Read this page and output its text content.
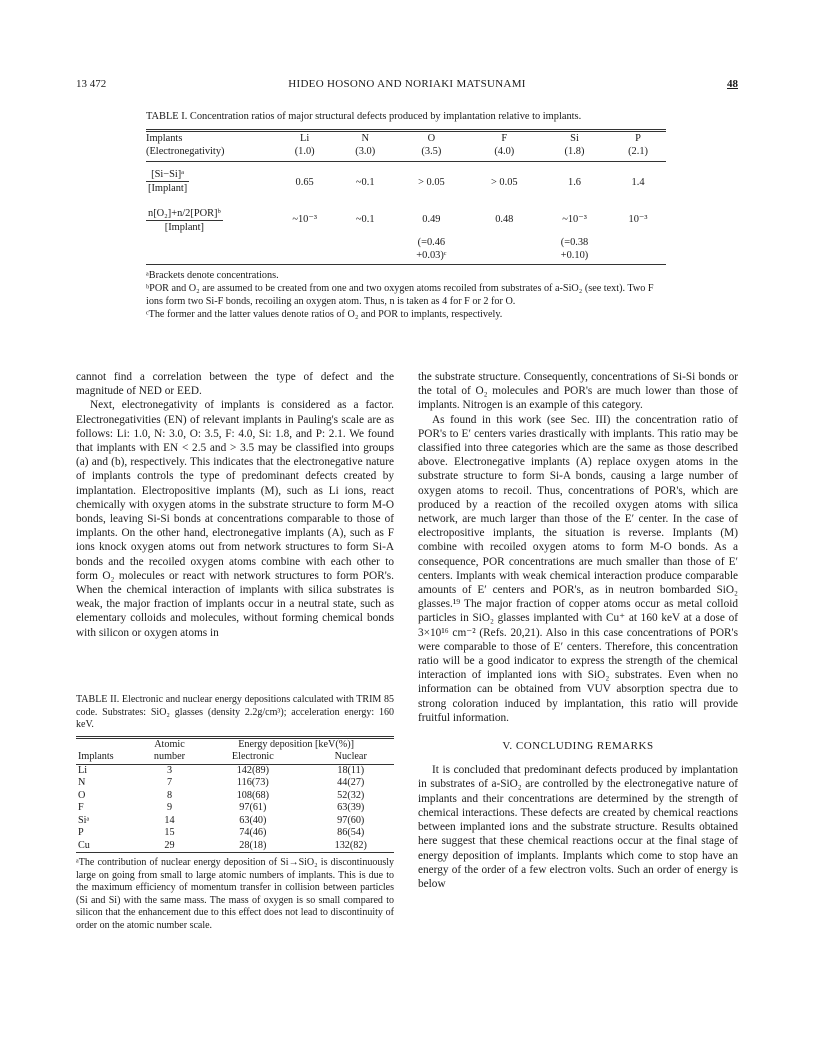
13 472	HIDEO HOSONO AND NORIAKI MATSUNAMI	48

TABLE I. Concentration ratios of major structural defects produced by implantation relative to implants.

Implants	Li	N	O	F	Si	P
(Electronegativity)	(1.0)	(3.0)	(3.5)	(4.0)	(1.8)	(2.1)

$\frac{\text{[Si−Si]ᵃ}}{\text{[Implant]}}$	0.65	~0.1	> 0.05	> 0.05	1.6	1.4

$\frac{\text{n[O₂]+n/2[POR]ᵇ}}{\text{[Implant]}}$	~10⁻³	~0.1	0.49	0.48	~10⁻³	10⁻³
			(=0.46		(=0.38	
			+0.03)ᶜ		+0.10)	

ᵃBrackets denote concentrations.

ᵇPOR and O₂ are assumed to be created from one and two oxygen atoms recoiled from substrates of a-SiO₂ (see text). Two F ions form two Si-F bonds, recoiling an oxygen atom. Thus, n is taken as 4 for F or 2 for O.

ᶜThe former and the latter values denote ratios of O₂ and POR to implants, respectively.

cannot find a correlation between the type of defect and the magnitude of NED or EED.

Next, electronegativity of implants is considered as a factor. Electronegativities (EN) of relevant implants in Pauling's scale are as follows: Li: 1.0, N: 3.0, O: 3.5, F: 4.0, Si: 1.8, and P: 2.1. We found that implants with EN < 2.5 and > 3.5 may be classified into groups (a) and (b), respectively. This indicates that the electronegative nature of implants controls the type of predominant defects created by implantation. Electropositive implants (M), such as Li ions, react chemically with oxygen atoms in the substrate structure to form M-O bonds, leaving Si-Si bonds at concentrations comparable to those of implants. On the other hand, electronegative implants (A), such as F ions knock oxygen atoms out from network structures to form Si-A bonds and the recoiled oxygen atoms combine with each other to form O₂ molecules or react with network structures to form POR's. When the chemical interaction of implants with silica substrates is weak, the major fraction of implants occur in a neutral state, such as elementary colloids and molecules, without forming chemical bonds with silicon or oxygen atoms in

TABLE II. Electronic and nuclear energy depositions calculated with TRIM 85 code. Substrates: SiO₂ glasses (density 2.2g/cm³); acceleration energy: 160 keV.

	Atomic	Energy deposition [keV(%)]	
Implants	number	Electronic	Nuclear
Li	3	142(89)	18(11)
N	7	116(73)	44(27)
O	8	108(68)	52(32)
F	9	97(61)	63(39)
Siᵃ	14	63(40)	97(60)
P	15	74(46)	86(54)
Cu	29	28(18)	132(82)

ᵃThe contribution of nuclear energy deposition of Si→SiO₂ is discontinuously large on going from small to large atomic numbers of implants. This is due to the maximum efficiency of momentum transfer in collision between particles (Si and Si) with the same mass. The mass of oxygen is so small compared to silicon that the enhancement due to this effect does not lead to discontinuity of order on the atomic number scale.

the substrate structure. Consequently, concentrations of Si-Si bonds or the total of O₂ molecules and POR's are much lower than those of implants. Nitrogen is an example of this category.

As found in this work (see Sec. III) the concentration ratio of POR's to E′ centers varies drastically with implants. This ratio may be classified into three categories which are the same as those described above. Electronegative implants (A) replace oxygen atoms in the substrate structure to form Si-A bonds, causing a large number of oxygen atoms to recoil. Thus, concentrations of POR's, which are produced by a reaction of the recoiled oxygen atoms with silica network, are much larger than those of the E′ center. In the case of electropositive implants, the situation is reverse. Implants (M) combine with recoiled oxygen atoms to form M-O bonds. As a consequence, POR concentrations are much smaller than those of E′ centers. Implants with weak chemical interaction produce comparable amounts of E′ centers and POR's, as in neutron bombarded SiO₂ glasses.¹⁹ The major fraction of copper atoms occur as metal colloid particles in SiO₂ glasses implanted with Cu⁺ at 160 keV at a dose of 3×10¹⁶ cm⁻² (Refs. 20,21). Also in this case concentrations of POR's were comparable to those of E′ centers. Therefore, this concentration ratio will be a good indicator to express the strength of the chemical interaction of implanted ions with SiO₂ substrates. Even when no information can be obtained from VUV absorption spectra due to strong coloration induced by implantation, this ratio will provide fruitful information.

V. CONCLUDING REMARKS

It is concluded that predominant defects produced by implantation in substrates of a-SiO₂ are controlled by the electronegative nature of implants and their concentrations are determined by the strength of chemical interactions. These defects are created by chemical reactions between implanted ions and the substrate structure. Results obtained here suggest that these chemical reactions occur at the final stage of energy deposition of implants. Implants which come to stop have an energy of the order of a few electron volts. Such an order of energy is below
